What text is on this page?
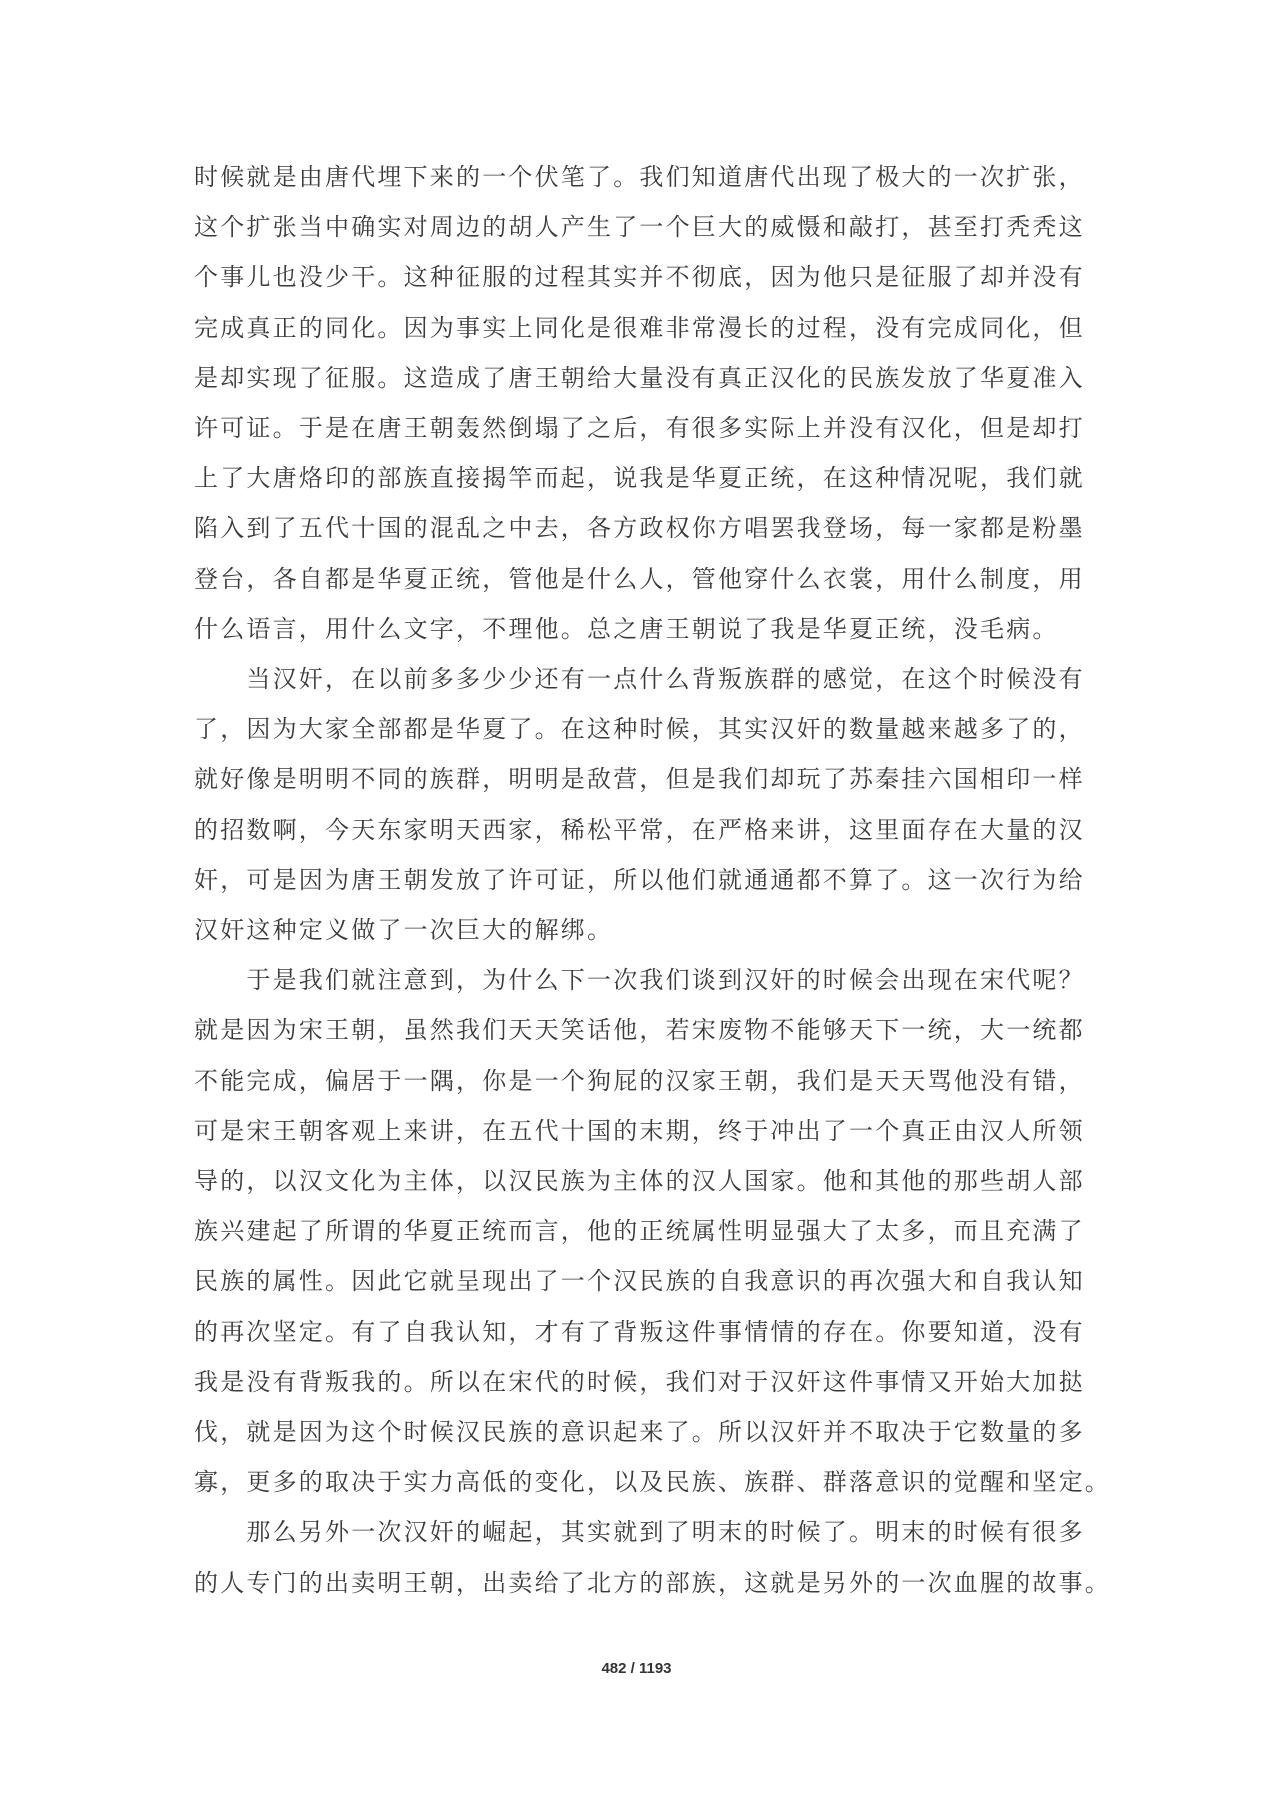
时候就是由唐代埋下来的一个伏笔了。我们知道唐代出现了极大的一次扩张，
这个扩张当中确实对周边的胡人产生了一个巨大的威慑和敲打，甚至打秃秃这
个事儿也没少干。这种征服的过程其实并不彻底，因为他只是征服了却并没有
完成真正的同化。因为事实上同化是很难非常漫长的过程，没有完成同化，但
是却实现了征服。这造成了唐王朝给大量没有真正汉化的民族发放了华夏准入
许可证。于是在唐王朝轰然倒塌了之后，有很多实际上并没有汉化，但是却打
上了大唐烙印的部族直接揭竿而起，说我是华夏正统，在这种情况呢，我们就
陷入到了五代十国的混乱之中去，各方政权你方唱罢我登场，每一家都是粉墨
登台，各自都是华夏正统，管他是什么人，管他穿什么衣裳，用什么制度，用
什么语言，用什么文字，不理他。总之唐王朝说了我是华夏正统，没毛病。

　　当汉奸，在以前多多少少还有一点什么背叛族群的感觉，在这个时候没有
了，因为大家全部都是华夏了。在这种时候，其实汉奸的数量越来越多了的，
就好像是明明不同的族群，明明是敌营，但是我们却玩了苏秦挂六国相印一样
的招数啊，今天东家明天西家，稀松平常，在严格来讲，这里面存在大量的汉
奸，可是因为唐王朝发放了许可证，所以他们就通通都不算了。这一次行为给
汉奸这种定义做了一次巨大的解绑。

　　于是我们就注意到，为什么下一次我们谈到汉奸的时候会出现在宋代呢？
就是因为宋王朝，虽然我们天天笑话他，若宋废物不能够天下一统，大一统都
不能完成，偏居于一隅，你是一个狗屁的汉家王朝，我们是天天骂他没有错，
可是宋王朝客观上来讲，在五代十国的末期，终于冲出了一个真正由汉人所领
导的，以汉文化为主体，以汉民族为主体的汉人国家。他和其他的那些胡人部
族兴建起了所谓的华夏正统而言，他的正统属性明显强大了太多，而且充满了
民族的属性。因此它就呈现出了一个汉民族的自我意识的再次强大和自我认知
的再次坚定。有了自我认知，才有了背叛这件事情情的存在。你要知道，没有
我是没有背叛我的。所以在宋代的时候，我们对于汉奸这件事情又开始大加挞
伐，就是因为这个时候汉民族的意识起来了。所以汉奸并不取决于它数量的多
寡，更多的取决于实力高低的变化，以及民族、族群、群落意识的觉醒和坚定。

　　那么另外一次汉奸的崛起，其实就到了明末的时候了。明末的时候有很多
的人专门的出卖明王朝，出卖给了北方的部族，这就是另外的一次血腥的故事。

482 / 1193
